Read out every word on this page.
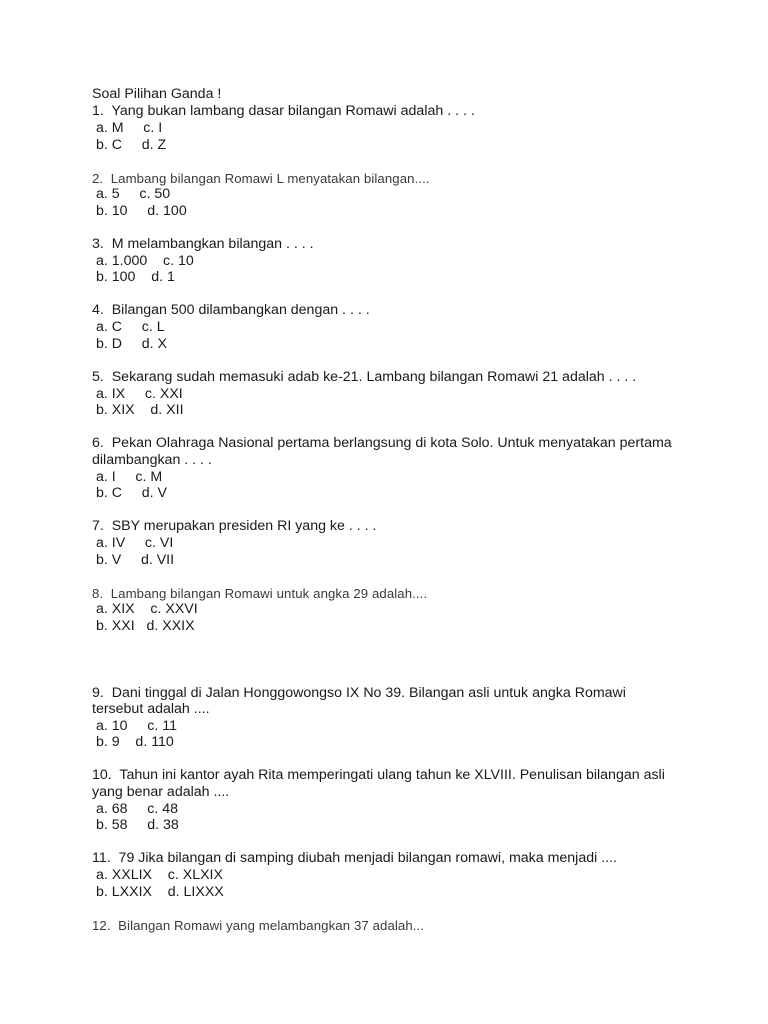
Soal Pilihan Ganda !
1.  Yang bukan lambang dasar bilangan Romawi adalah . . . .
a. M     c. I
b. C     d. Z
2.  Lambang bilangan Romawi L menyatakan bilangan....
a. 5     c. 50
b. 10     d. 100
3.  M melambangkan bilangan . . . .
a. 1.000    c. 10
b. 100    d. 1
4.  Bilangan 500 dilambangkan dengan . . . .
a. C     c. L
b. D     d. X
5.  Sekarang sudah memasuki adab ke-21. Lambang bilangan Romawi 21 adalah . . . .
a. IX     c. XXI
b. XIX    d. XII
6.  Pekan Olahraga Nasional pertama berlangsung di kota Solo. Untuk menyatakan pertama
dilambangkan . . . .
a. I     c. M
b. C     d. V
7.  SBY merupakan presiden RI yang ke . . . .
a. IV     c. VI
b. V     d. VII
8.  Lambang bilangan Romawi untuk angka 29 adalah....
a. XIX    c. XXVI
b. XXI   d. XXIX
9.  Dani tinggal di Jalan Honggowongso IX No 39. Bilangan asli untuk angka Romawi
tersebut adalah ....
a. 10     c. 11
b. 9    d. 110
10.  Tahun ini kantor ayah Rita memperingati ulang tahun ke XLVIII. Penulisan bilangan asli
yang benar adalah ....
a. 68     c. 48
b. 58     d. 38
11.  79 Jika bilangan di samping diubah menjadi bilangan romawi, maka menjadi ....
a. XXLIX    c. XLXIX
b. LXXIX    d. LIXXX
12.  Bilangan Romawi yang melambangkan 37 adalah...
